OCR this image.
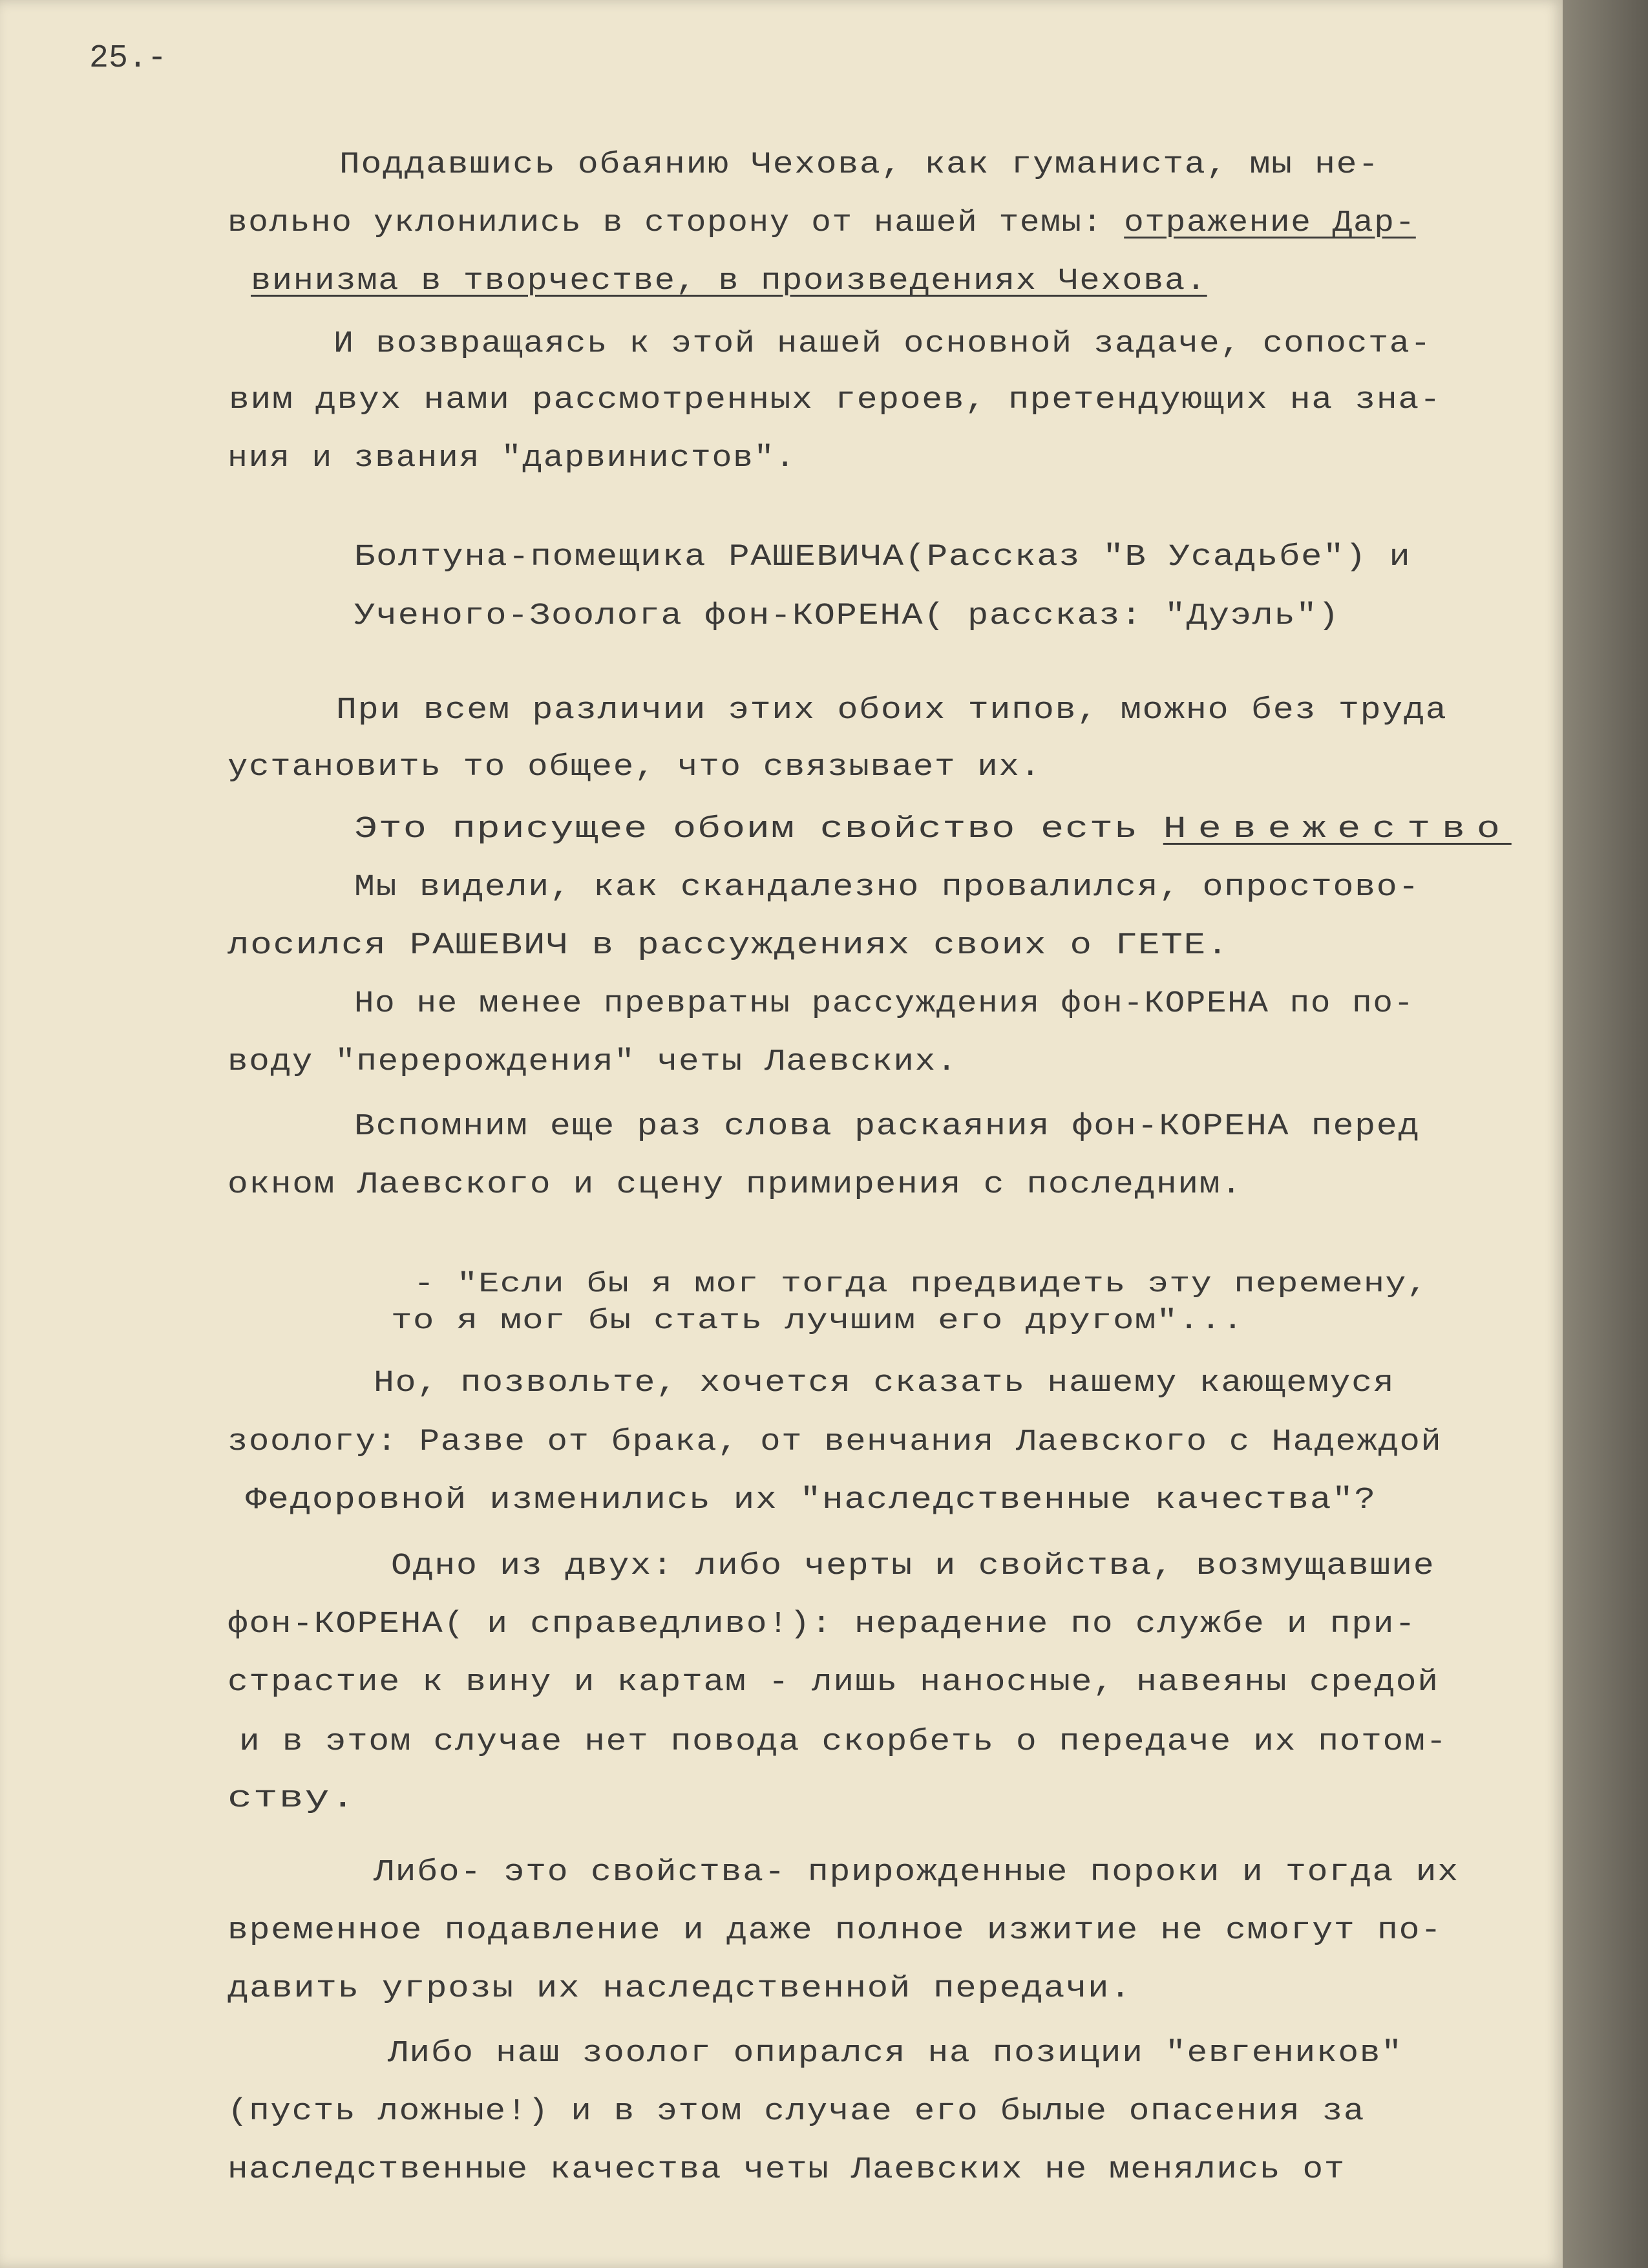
25.-
Поддавшись обаянию Чехова, как гуманиста, мы не-
вольно уклонились в сторону от нашей темы: отражение Дар-
винизма в творчестве, в произведениях Чехова.
И возвращаясь к этой нашей основной задаче, сопоста-
вим двух нами рассмотренных героев, претендующих на зна-
ния и звания "дарвинистов".
Болтуна-помещика РАШЕВИЧА(Рассказ "В Усадьбе") и
Ученого-Зоолога фон-КОРЕНА( рассказ: "Дуэль")
При всем различии этих обоих типов, можно без труда
установить то общее, что связывает их.
Это присущее обоим свойство есть Невежество
Мы видели, как скандалезно провалился, опростово-
лосился РАШЕВИЧ в рассуждениях своих о ГЕТЕ.
Но не менее превратны рассуждения фон-КОРЕНА по по-
воду "перерождения" четы Лаевских.
Вспомним еще раз слова раскаяния фон-КОРЕНА перед
окном Лаевского и сцену примирения с последним.
- "Если бы я мог тогда предвидеть эту перемену,
то я мог бы стать лучшим его другом"...
Но, позвольте, хочется сказать нашему кающемуся
зоологу: Разве от брака, от венчания Лаевского с Надеждой
Федоровной изменились их "наследственные качества"?
Одно из двух: либо черты и свойства, возмущавшие
фон-КОРЕНА( и справедливо!): нерадение по службе и при-
страстие к вину и картам - лишь наносные, навеяны средой
и в этом случае нет повода скорбеть о передаче их потом-
ству.
Либо- это свойства- прирожденные пороки и тогда их
временное подавление и даже полное изжитие не смогут по-
давить угрозы их наследственной передачи.
Либо наш зоолог опирался на позиции "евгеников"
(пусть ложные!) и в этом случае его былые опасения за
наследственные качества четы Лаевских не менялись от
